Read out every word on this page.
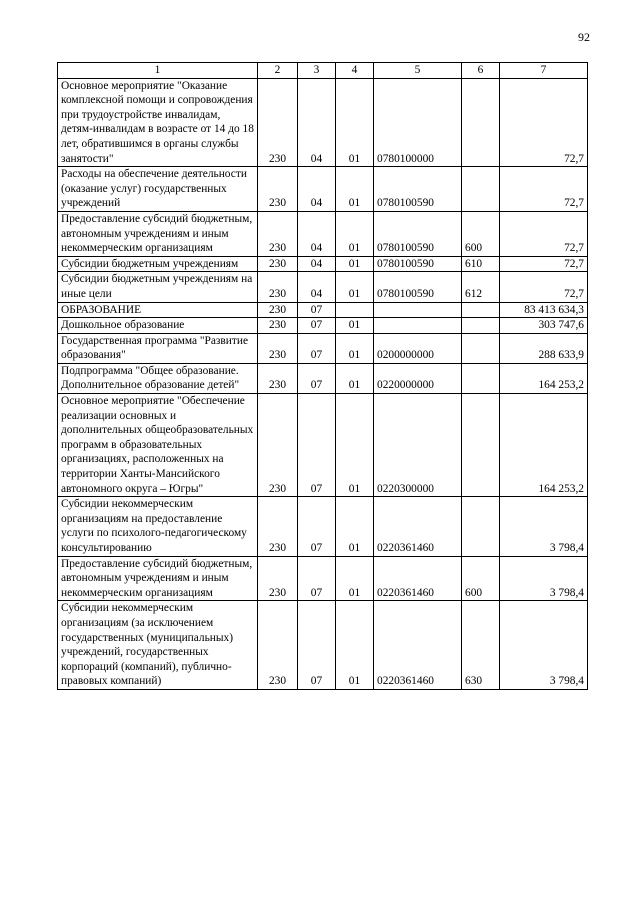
92
1	2	3	4	5	6	7
Основное мероприятие "Оказание комплексной помощи и сопровождения при трудоустройстве инвалидам, детям-инвалидам в возрасте от 14 до 18 лет, обратившимся в органы службы занятости"	230	04	01	0780100000		72,7
Расходы на обеспечение деятельности (оказание услуг) государственных учреждений	230	04	01	0780100590		72,7
Предоставление субсидий бюджетным, автономным учреждениям и иным некоммерческим организациям	230	04	01	0780100590	600	72,7
Субсидии бюджетным учреждениям	230	04	01	0780100590	610	72,7
Субсидии бюджетным учреждениям на иные цели	230	04	01	0780100590	612	72,7
ОБРАЗОВАНИЕ	230	07				83 413 634,3
Дошкольное образование	230	07	01			303 747,6
Государственная программа "Развитие образования"	230	07	01	0200000000		288 633,9
Подпрограмма "Общее образование. Дополнительное образование детей"	230	07	01	0220000000		164 253,2
Основное мероприятие "Обеспечение реализации основных и дополнительных общеобразовательных программ в образовательных организациях, расположенных на территории Ханты-Мансийского автономного округа – Югры"	230	07	01	0220300000		164 253,2
Субсидии некоммерческим организациям на предоставление услуги по психолого-педагогическому консультированию	230	07	01	0220361460		3 798,4
Предоставление субсидий бюджетным, автономным учреждениям и иным некоммерческим организациям	230	07	01	0220361460	600	3 798,4
Субсидии некоммерческим организациям (за исключением государственных (муниципальных) учреждений, государственных корпораций (компаний), публично-правовых компаний)	230	07	01	0220361460	630	3 798,4
